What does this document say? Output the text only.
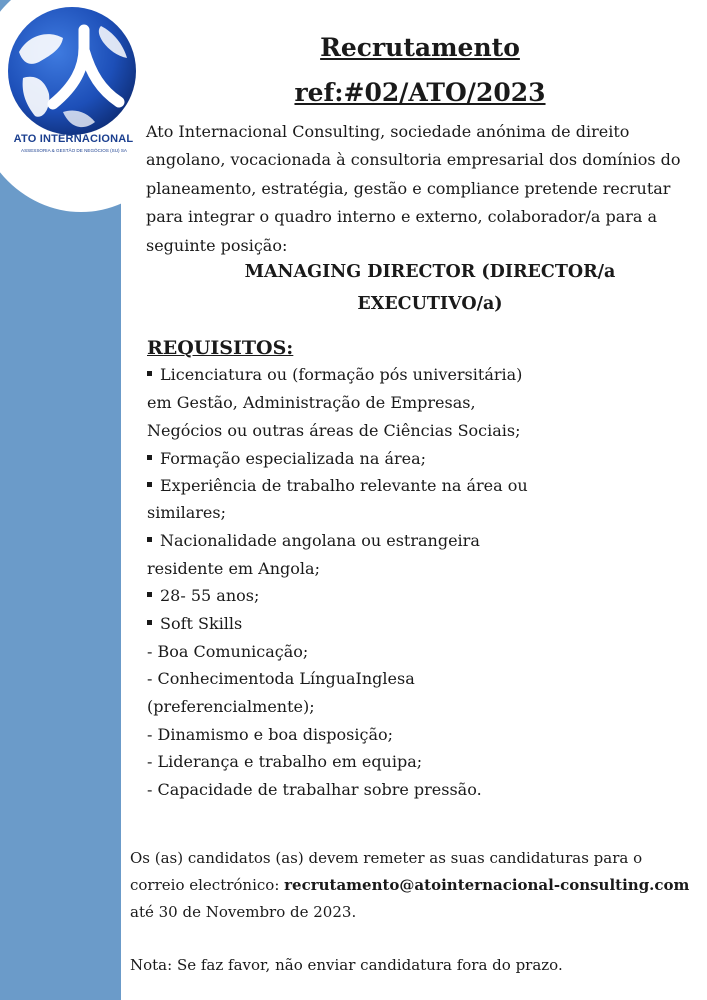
ATO INTERNACIONAL
ASSESSORIA & GESTÃO DE NEGÓCIOS (SU) SA
Recrutamento
ref:#02/ATO/2023

Ato Internacional Consulting, sociedade anónima de direito angolano, vocacionada à consultoria empresarial dos domínios do planeamento, estratégia, gestão e compliance pretende recrutar para integrar o quadro interno e externo, colaborador/a para a seguinte posição:

MANAGING DIRECTOR (DIRECTOR/a
EXECUTIVO/a)
REQUISITOS:
Licenciatura ou (formação pós universitária)
em Gestão, Administração de Empresas,
Negócios ou outras áreas de Ciências Sociais;
Formação especializada na área;
Experiência de trabalho relevante na área ou
similares;
Nacionalidade angolana ou estrangeira
residente em Angola;
28- 55 anos;
Soft Skills
- Boa Comunicação;
- Conhecimentoda LínguaInglesa
(preferencialmente);
- Dinamismo e boa disposição;
- Liderança e trabalho em equipa;
- Capacidade de trabalhar sobre pressão.
Os (as) candidatos (as) devem remeter as suas candidaturas para o
correio electrónico: recrutamento@atointernacional-consulting.com
até 30 de Novembro de 2023.
Nota: Se faz favor, não enviar candidatura fora do prazo.
